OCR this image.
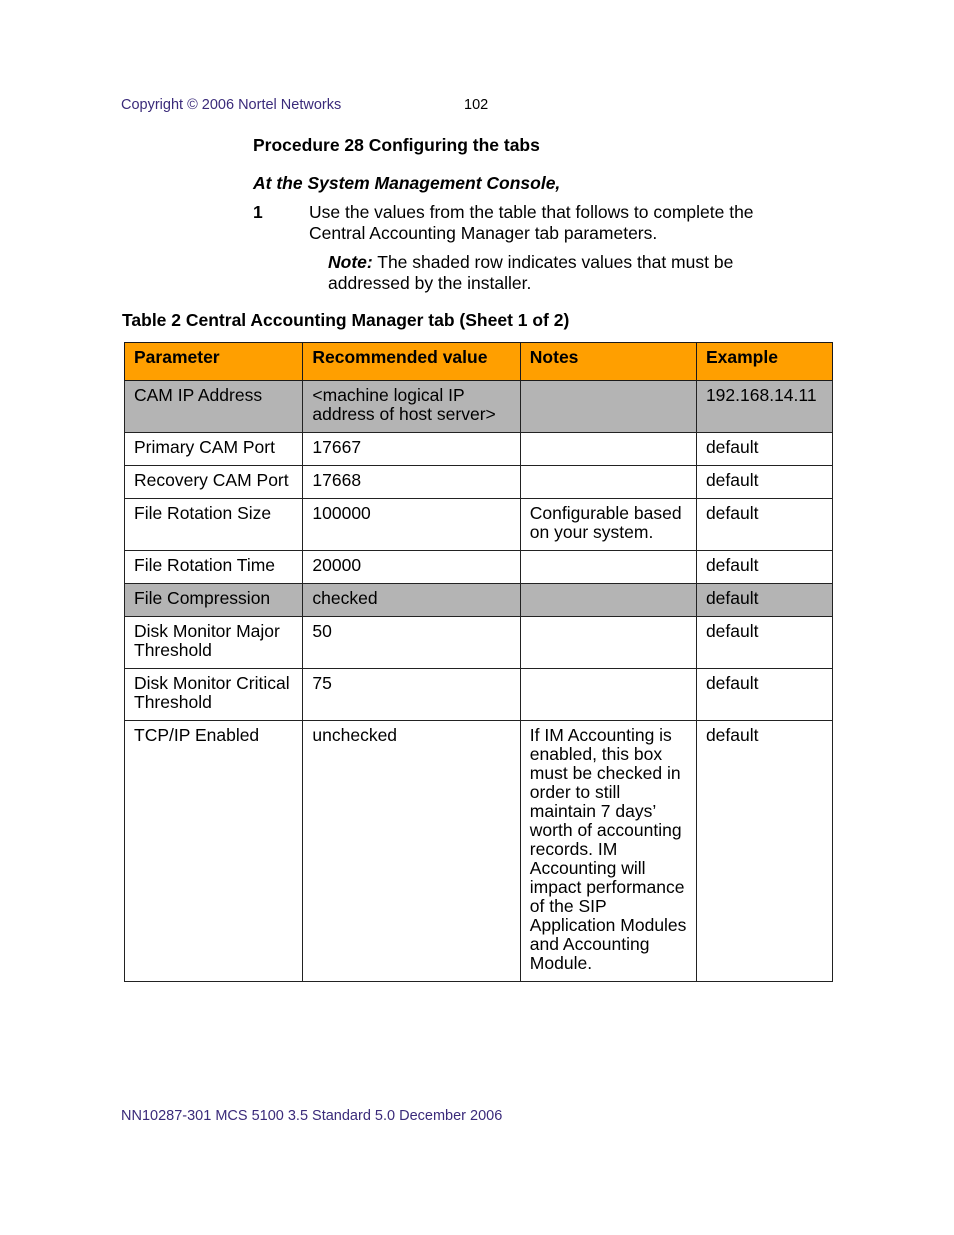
Copyright © 2006 Nortel Networks	102
Procedure 28 Configuring the tabs
At the System Management Console,
1	Use the values from the table that follows to complete the Central Accounting Manager tab parameters.
Note: The shaded row indicates values that must be addressed by the installer.
Table 2 Central Accounting Manager tab (Sheet 1 of 2)
Parameter	Recommended value	Notes	Example
CAM IP Address	<machine logical IP address of host server>		192.168.14.11
Primary CAM Port	17667		default
Recovery CAM Port	17668		default
File Rotation Size	100000	Configurable based on your system.	default
File Rotation Time	20000		default
File Compression	checked		default
Disk Monitor Major Threshold	50		default
Disk Monitor Critical Threshold	75		default
TCP/IP Enabled	unchecked	If IM Accounting is enabled, this box must be checked in order to still maintain 7 days’ worth of accounting records. IM Accounting will impact performance of the SIP Application Modules and Accounting Module.	default
NN10287-301 MCS 5100 3.5 Standard 5.0 December 2006
